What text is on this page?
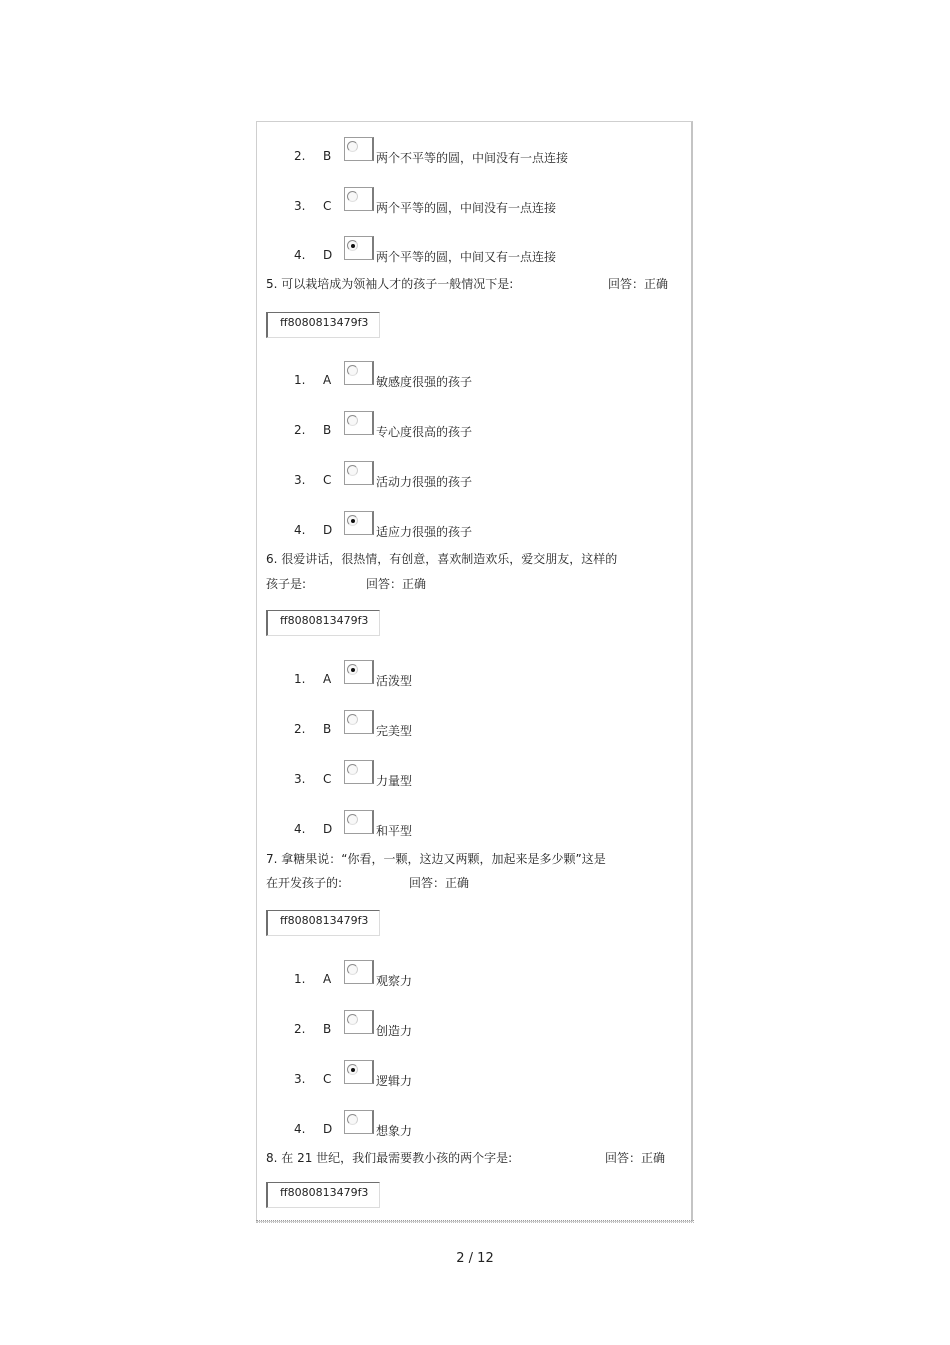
2. B	两个不平等的圆，中间没有一点连接
3. C	两个平等的圆，中间没有一点连接
4. D	两个平等的圆，中间又有一点连接
5. 可以栽培成为领袖人才的孩子一般情况下是:	回答：正确
ff8080813479f3
1. A	敏感度很强的孩子
2. B	专心度很高的孩子
3. C	活动力很强的孩子
4. D	适应力很强的孩子
6. 很爱讲话，很热情，有创意，喜欢制造欢乐，爱交朋友，这样的
孩子是:	回答：正确
ff8080813479f3
1. A	活泼型
2. B	完美型
3. C	力量型
4. D	和平型
7. 拿糖果说：“你看，一颗，这边又两颗，加起来是多少颗”这是
在开发孩子的:	回答：正确
ff8080813479f3
1. A	观察力
2. B	创造力
3. C	逻辑力
4. D	想象力
8. 在 21 世纪，我们最需要教小孩的两个字是:	回答：正确
ff8080813479f3
2 / 12
